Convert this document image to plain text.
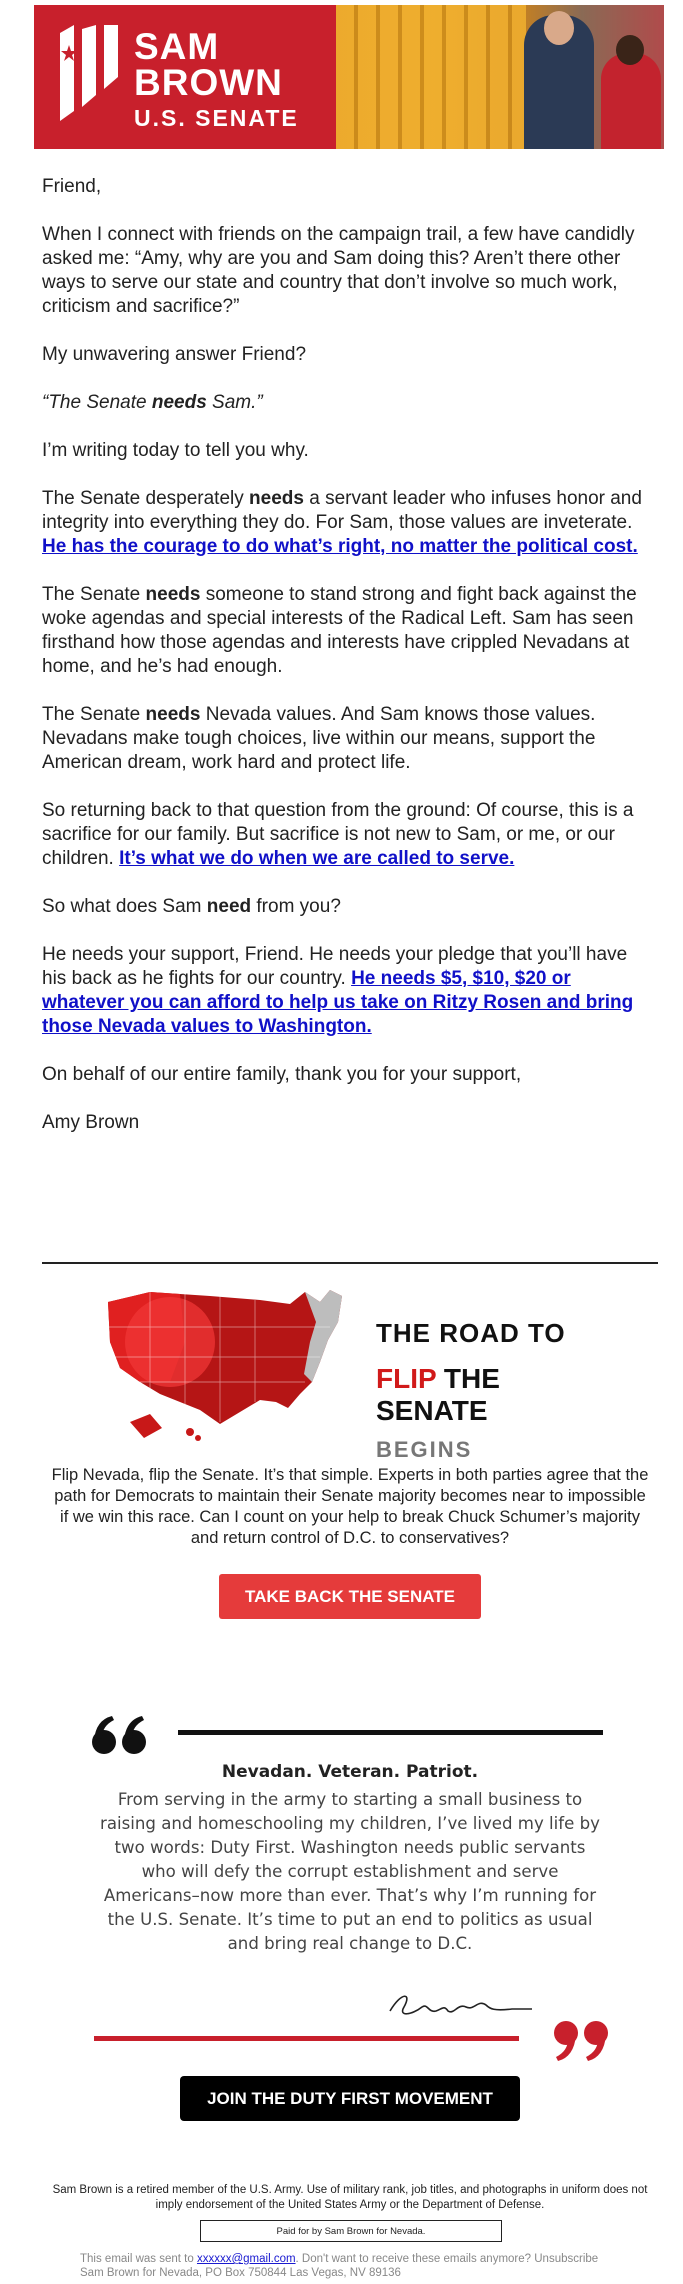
SAM
BROWN
U.S. SENATE

Friend,

When I connect with friends on the campaign trail, a few have candidly asked me: “Amy, why are you and Sam doing this? Aren’t there other ways to serve our state and country that don’t involve so much work, criticism and sacrifice?”

My unwavering answer Friend?

“The Senate needs Sam.”

I’m writing today to tell you why.

The Senate desperately needs a servant leader who infuses honor and integrity into everything they do. For Sam, those values are inveterate. He has the courage to do what’s right, no matter the political cost.

The Senate needs someone to stand strong and fight back against the woke agendas and special interests of the Radical Left. Sam has seen firsthand how those agendas and interests have crippled Nevadans at home, and he’s had enough.

The Senate needs Nevada values. And Sam knows those values. Nevadans make tough choices, live within our means, support the American dream, work hard and protect life.

So returning back to that question from the ground: Of course, this is a sacrifice for our family. But sacrifice is not new to Sam, or me, or our children. It’s what we do when we are called to serve.

So what does Sam need from you?

He needs your support, Friend. He needs your pledge that you’ll have his back as he fights for our country. He needs $5, $10, $20 or whatever you can afford to help us take on Ritzy Rosen and bring those Nevada values to Washington.

On behalf of our entire family, thank you for your support,

Amy Brown

THE ROAD TO
FLIP THE SENATE
BEGINS
Flip Nevada, flip the Senate. It’s that simple. Experts in both parties agree that the path for Democrats to maintain their Senate majority becomes near to impossible if we win this race. Can I count on your help to break Chuck Schumer’s majority and return control of D.C. to conservatives?
TAKE BACK THE SENATE
Nevadan. Veteran. Patriot.
From serving in the army to starting a small business to raising and homeschooling my children, I’ve lived my life by two words: Duty First. Washington needs public servants who will defy the corrupt establishment and serve Americans–now more than ever. That’s why I’m running for the U.S. Senate. It’s time to put an end to politics as usual and bring real change to D.C.
JOIN THE DUTY FIRST MOVEMENT
Sam Brown is a retired member of the U.S. Army. Use of military rank, job titles, and photographs in uniform does not imply endorsement of the United States Army or the Department of Defense.
Paid for by Sam Brown for Nevada.
This email was sent to xxxxxx@gmail.com. Don't want to receive these emails anymore? Unsubscribe
Sam Brown for Nevada, PO Box 750844 Las Vegas, NV 89136
